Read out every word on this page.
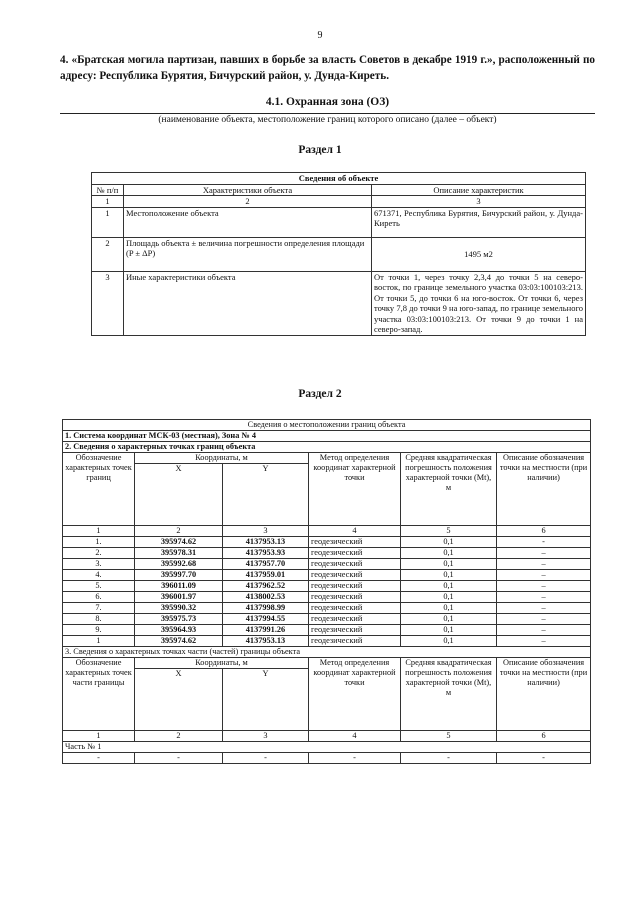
9
4. «Братская могила партизан, павших в борьбе за власть Советов в декабре 1919 г.», расположенный по адресу: Республика Бурятия, Бичурский район, у. Дунда-Киреть.
4.1. Охранная зона (ОЗ)
(наименование объекта, местоположение границ которого описано (далее – объект)
Раздел 1
Сведения об объекте		
№ п/п	Характеристики объекта	Описание характеристик
1	2	3
1	Местоположение объекта	671371, Республика Бурятия, Бичурский район, у. Дунда-Киреть
2	Площадь объекта ± величина погрешности определения площади (P ± ΔP)	1495 м2
3	Иные характеристики объекта	От точки 1, через точку 2,3,4 до точки 5 на северо-восток, по границе земельного участка 03:03:100103:213. От точки 5, до точки 6 на юго-восток. От точки 6, через точку 7,8 до точки 9 на юго-запад, по границе земельного участка 03:03:100103:213. От точки 9 до точки 1 на северо-запад.
Раздел 2
Сведения о местоположении границ объекта					
1. Система координат МСК-03 (местная), Зона № 4					
2. Сведения о характерных точках границ объекта					
Обозначение характерных точек границ	Координаты, м		Метод определения координат характерной точки	Средняя квадратическая погрешность положения характерной точки (Mt), м	Описание обозначения точки на местности (при наличии)
	X	Y			
1	2	3	4	5	6
1.	395974.62	4137953.13	геодезический	0,1	-
2.	395978.31	4137953.93	геодезический	0,1	–
3.	395992.68	4137957.70	геодезический	0,1	–
4.	395997.70	4137959.01	геодезический	0,1	–
5.	396011.09	4137962.52	геодезический	0,1	–
6.	396001.97	4138002.53	геодезический	0,1	–
7.	395990.32	4137998.99	геодезический	0,1	–
8.	395975.73	4137994.55	геодезический	0,1	–
9.	395964.93	4137991.26	геодезический	0,1	–
1	395974.62	4137953.13	геодезический	0,1	–
3. Сведения о характерных точках части (частей) границы объекта					
Обозначение характерных точек части границы	Координаты, м		Метод определения координат характерной точки	Средняя квадратическая погрешность положения характерной точки (Mt), м	Описание обозначения точки на местности (при наличии)
	X	Y			
1	2	3	4	5	6
Часть № 1					
-	-	-	-	-	-
